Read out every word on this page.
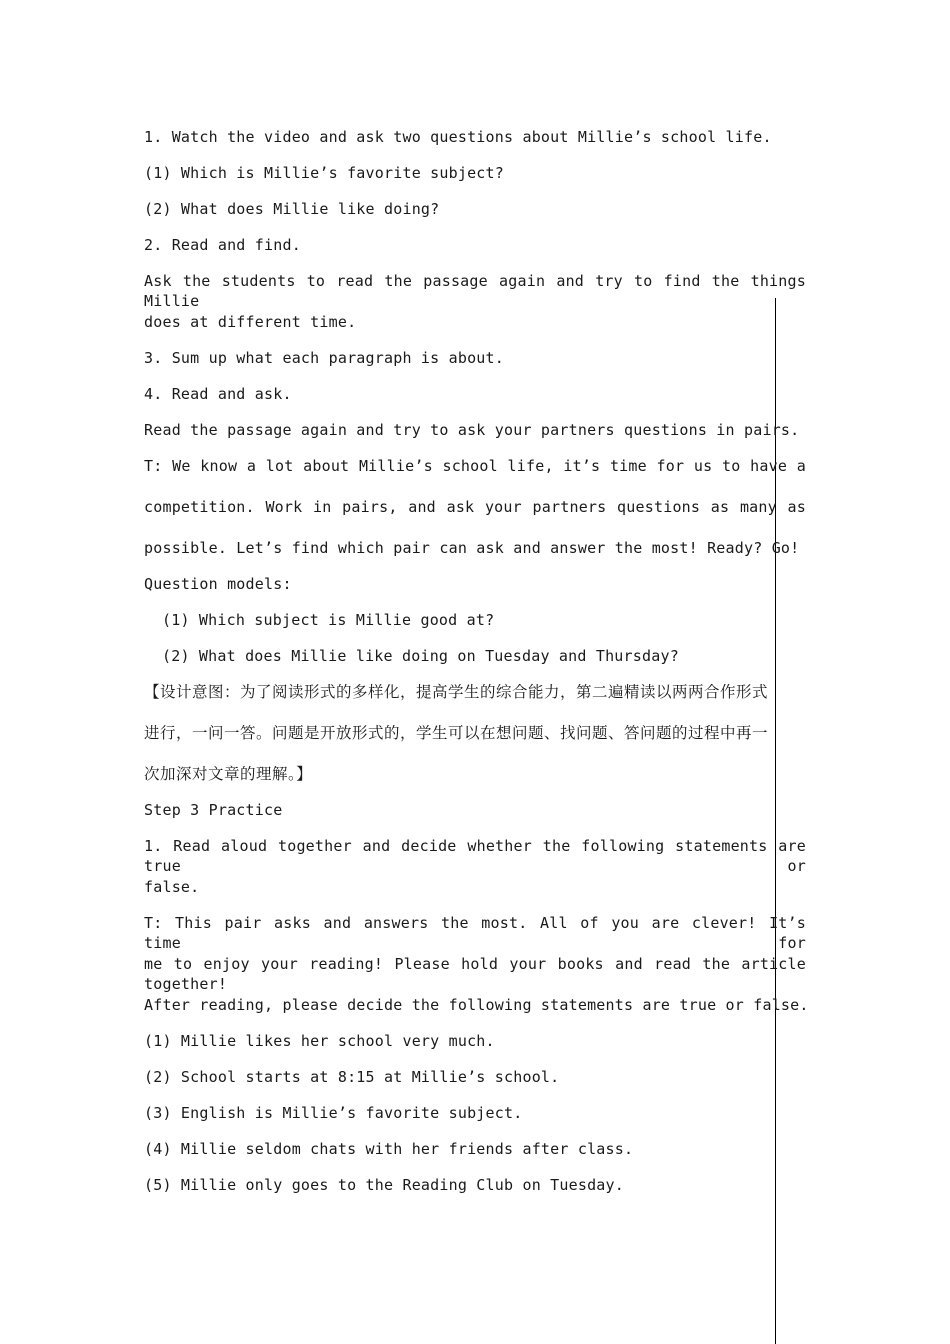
1. Watch the video and ask two questions about Millie’s school life.
(1) Which is Millie’s favorite subject?
(2) What does Millie like doing?
2. Read and find.
Ask the students to read the passage again and try to find the things Millie
does at different time.
3. Sum up what each paragraph is about.
4. Read and ask.
Read the passage again and try to ask your partners questions in pairs.
T: We know a lot about Millie’s school life, it’s time for us to have a
competition. Work in pairs, and ask your partners questions as many as
possible. Let’s find which pair can ask and answer the most! Ready? Go!
Question models:
(1) Which subject is Millie good at?
(2) What does Millie like doing on Tuesday and Thursday?
【设计意图：为了阅读形式的多样化，提高学生的综合能力，第二遍精读以两两合作形式
进行，一问一答。问题是开放形式的，学生可以在想问题、找问题、答问题的过程中再一
次加深对文章的理解。】
Step 3 Practice
1. Read aloud together and decide whether the following statements are true or
false.
T: This pair asks and answers the most. All of you are clever! It’s time for
me to enjoy your reading! Please hold your books and read the article together!
After reading, please decide the following statements are true or false.
(1) Millie likes her school very much.
(2) School starts at 8:15 at Millie’s school.
(3) English is Millie’s favorite subject.
(4) Millie seldom chats with her friends after class.
(5) Millie only goes to the Reading Club on Tuesday.
